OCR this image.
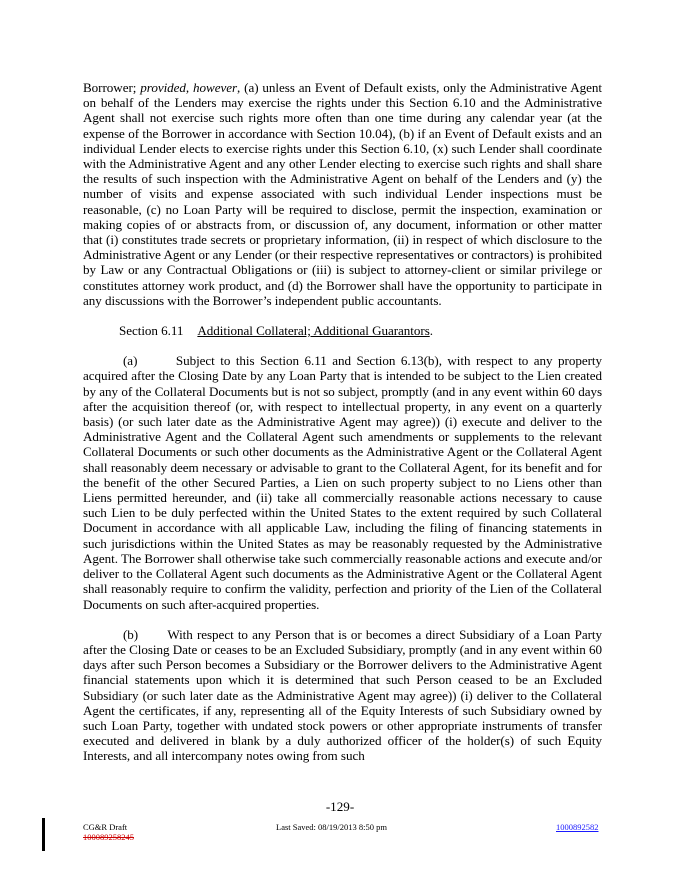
Borrower; provided, however, (a) unless an Event of Default exists, only the Administrative Agent on behalf of the Lenders may exercise the rights under this Section 6.10 and the Administrative Agent shall not exercise such rights more often than one time during any calendar year (at the expense of the Borrower in accordance with Section 10.04), (b) if an Event of Default exists and an individual Lender elects to exercise rights under this Section 6.10, (x) such Lender shall coordinate with the Administrative Agent and any other Lender electing to exercise such rights and shall share the results of such inspection with the Administrative Agent on behalf of the Lenders and (y) the number of visits and expense associated with such individual Lender inspections must be reasonable, (c) no Loan Party will be required to disclose, permit the inspection, examination or making copies of or abstracts from, or discussion of, any document, information or other matter that (i) constitutes trade secrets or proprietary information, (ii) in respect of which disclosure to the Administrative Agent or any Lender (or their respective representatives or contractors) is prohibited by Law or any Contractual Obligations or (iii) is subject to attorney-client or similar privilege or constitutes attorney work product, and (d) the Borrower shall have the opportunity to participate in any discussions with the Borrower’s independent public accountants.

Section 6.11 Additional Collateral; Additional Guarantors.

(a)	Subject to this Section 6.11 and Section 6.13(b), with respect to any property acquired after the Closing Date by any Loan Party that is intended to be subject to the Lien created by any of the Collateral Documents but is not so subject, promptly (and in any event within 60 days after the acquisition thereof (or, with respect to intellectual property, in any event on a quarterly basis) (or such later date as the Administrative Agent may agree)) (i) execute and deliver to the Administrative Agent and the Collateral Agent such amendments or supplements to the relevant Collateral Documents or such other documents as the Administrative Agent or the Collateral Agent shall reasonably deem necessary or advisable to grant to the Collateral Agent, for its benefit and for the benefit of the other Secured Parties, a Lien on such property subject to no Liens other than Liens permitted hereunder, and (ii) take all commercially reasonable actions necessary to cause such Lien to be duly perfected within the United States to the extent required by such Collateral Document in accordance with all applicable Law, including the filing of financing statements in such jurisdictions within the United States as may be reasonably requested by the Administrative Agent. The Borrower shall otherwise take such commercially reasonable actions and execute and/or deliver to the Collateral Agent such documents as the Administrative Agent or the Collateral Agent shall reasonably require to confirm the validity, perfection and priority of the Lien of the Collateral Documents on such after-acquired properties.

(b) With respect to any Person that is or becomes a direct Subsidiary of a Loan Party after the Closing Date or ceases to be an Excluded Subsidiary, promptly (and in any event within 60 days after such Person becomes a Subsidiary or the Borrower delivers to the Administrative Agent financial statements upon which it is determined that such Person ceased to be an Excluded Subsidiary (or such later date as the Administrative Agent may agree)) (i) deliver to the Collateral Agent the certificates, if any, representing all of the Equity Interests of such Subsidiary owned by such Loan Party, together with undated stock powers or other appropriate instruments of transfer executed and delivered in blank by a duly authorized officer of the holder(s) of such Equity Interests, and all intercompany notes owing from such

-129-
CG&R Draft
100089258245
Last Saved: 08/19/2013 8:50 pm	1000892582
